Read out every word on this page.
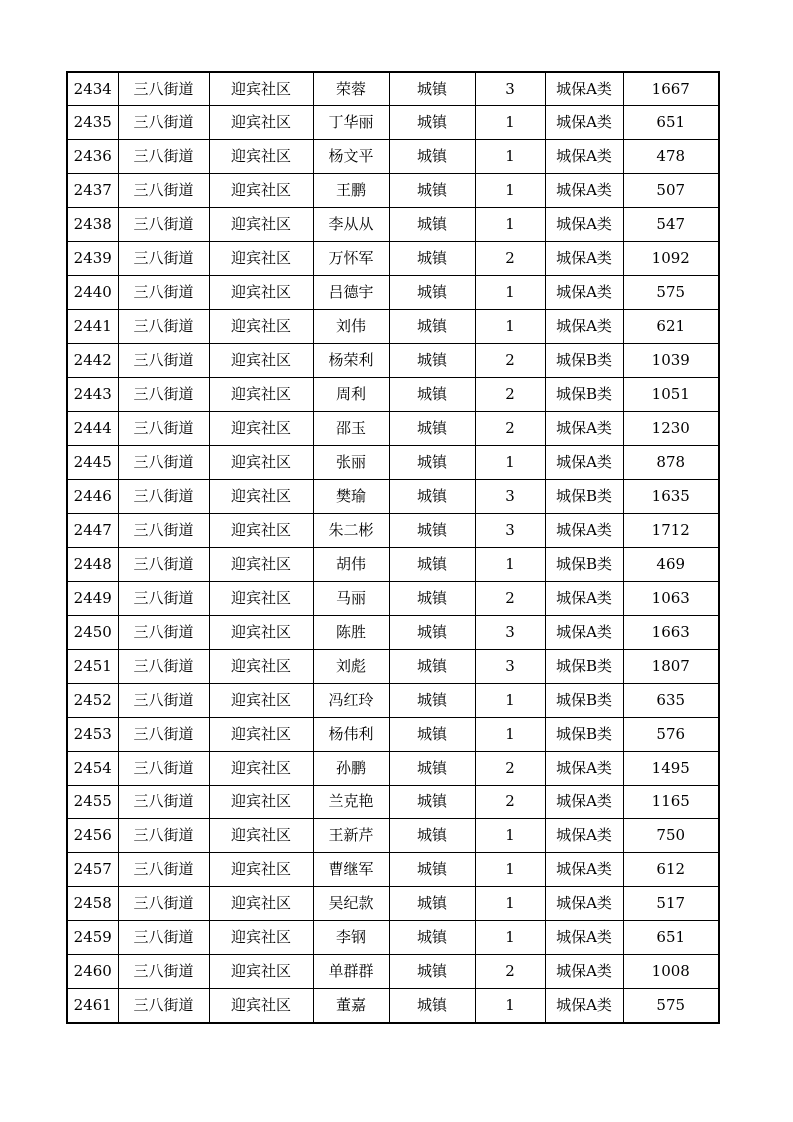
2434	三八街道	迎宾社区	荣蓉	城镇	3	城保A类	1667
2435	三八街道	迎宾社区	丁华丽	城镇	1	城保A类	651
2436	三八街道	迎宾社区	杨文平	城镇	1	城保A类	478
2437	三八街道	迎宾社区	王鹏	城镇	1	城保A类	507
2438	三八街道	迎宾社区	李从从	城镇	1	城保A类	547
2439	三八街道	迎宾社区	万怀军	城镇	2	城保A类	1092
2440	三八街道	迎宾社区	吕德宇	城镇	1	城保A类	575
2441	三八街道	迎宾社区	刘伟	城镇	1	城保A类	621
2442	三八街道	迎宾社区	杨荣利	城镇	2	城保B类	1039
2443	三八街道	迎宾社区	周利	城镇	2	城保B类	1051
2444	三八街道	迎宾社区	邵玉	城镇	2	城保A类	1230
2445	三八街道	迎宾社区	张丽	城镇	1	城保A类	878
2446	三八街道	迎宾社区	樊瑜	城镇	3	城保B类	1635
2447	三八街道	迎宾社区	朱二彬	城镇	3	城保A类	1712
2448	三八街道	迎宾社区	胡伟	城镇	1	城保B类	469
2449	三八街道	迎宾社区	马丽	城镇	2	城保A类	1063
2450	三八街道	迎宾社区	陈胜	城镇	3	城保A类	1663
2451	三八街道	迎宾社区	刘彪	城镇	3	城保B类	1807
2452	三八街道	迎宾社区	冯红玲	城镇	1	城保B类	635
2453	三八街道	迎宾社区	杨伟利	城镇	1	城保B类	576
2454	三八街道	迎宾社区	孙鹏	城镇	2	城保A类	1495
2455	三八街道	迎宾社区	兰克艳	城镇	2	城保A类	1165
2456	三八街道	迎宾社区	王新芹	城镇	1	城保A类	750
2457	三八街道	迎宾社区	曹继军	城镇	1	城保A类	612
2458	三八街道	迎宾社区	吴纪款	城镇	1	城保A类	517
2459	三八街道	迎宾社区	李钢	城镇	1	城保A类	651
2460	三八街道	迎宾社区	单群群	城镇	2	城保A类	1008
2461	三八街道	迎宾社区	董嘉	城镇	1	城保A类	575
